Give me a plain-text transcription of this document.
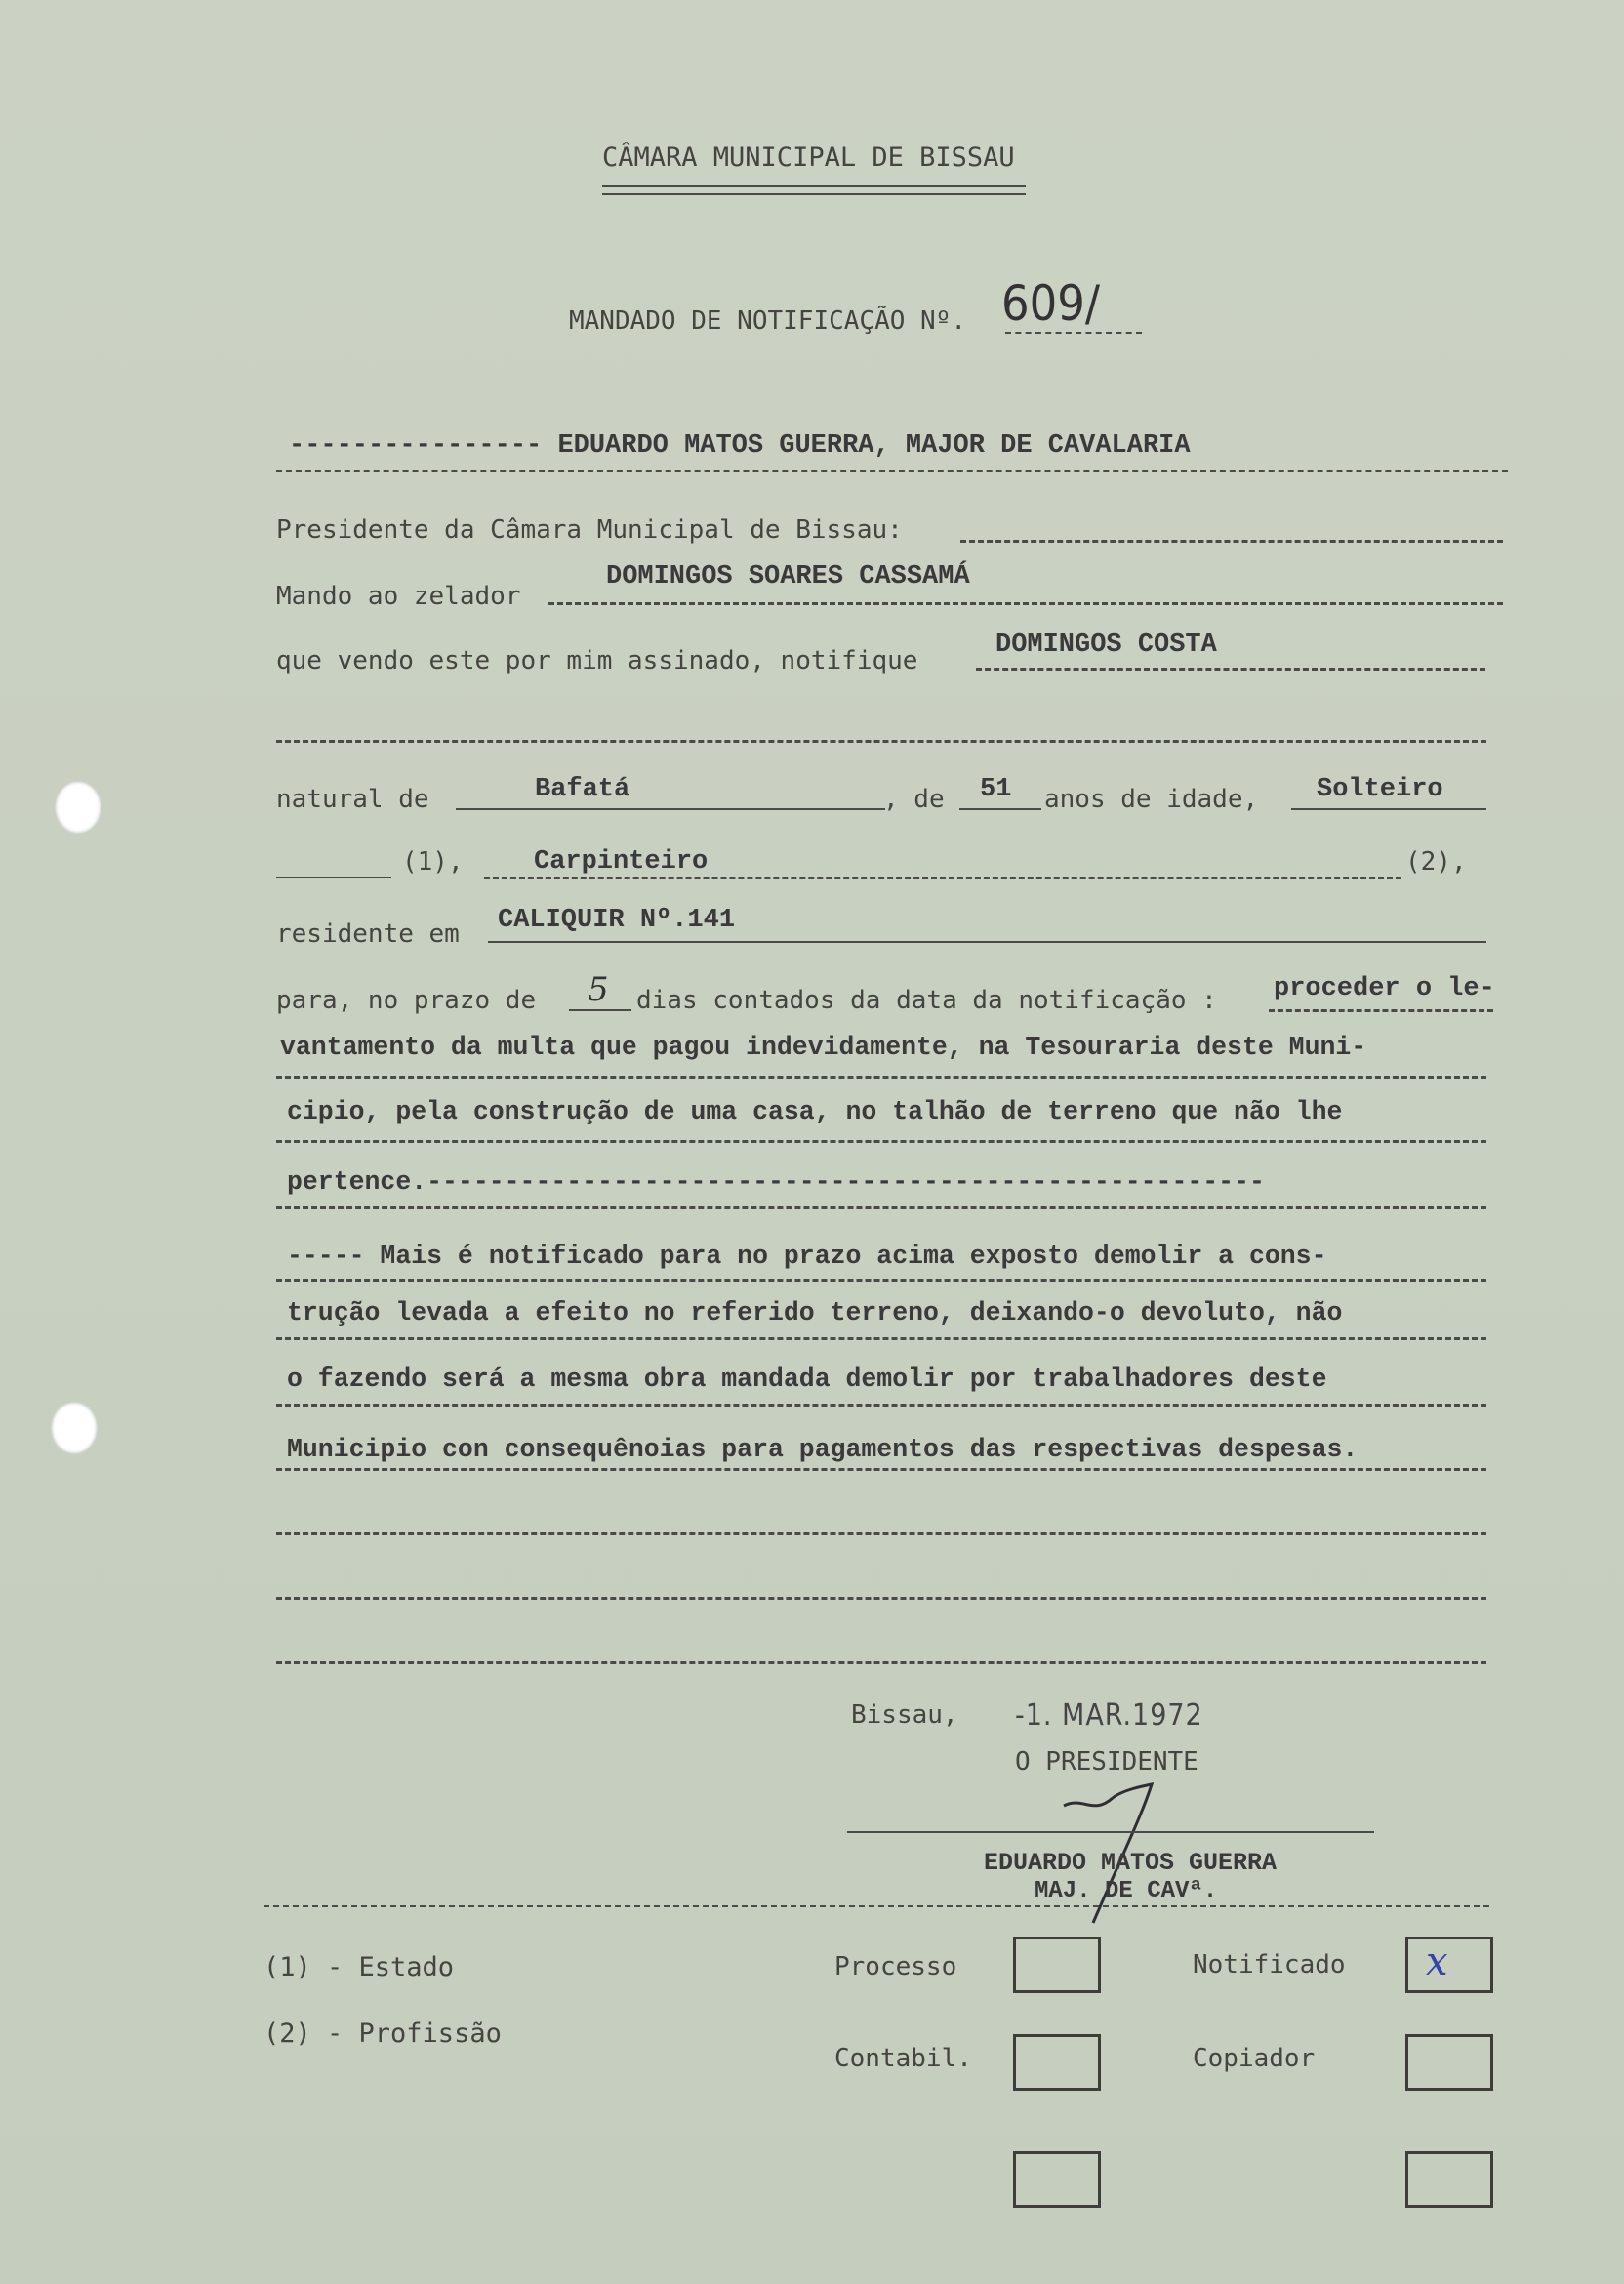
CÂMARA MUNICIPAL DE BISSAU
MANDADO DE NOTIFICAÇÃO Nº. 609/
---------------- EDUARDO MATOS GUERRA, MAJOR DE CAVALARIA
Presidente da Câmara Municipal de Bissau:
Mando ao zelador
DOMINGOS SOARES CASSAMÁ
que vendo este por mim assinado, notifique
DOMINGOS COSTA
natural de	Bafatá	, de 51 anos de idade, Solteiro
(1),	Carpinteiro	(2),
residente em CALIQUIR Nº.141
para, no prazo de 5 dias contados da data da notificação : proceder o le-
vantamento da multa que pagou indevidamente, na Tesouraria deste Muni-
cipio, pela construção de uma casa, no talhão de terreno que não lhe
pertence.------------------------------------------------------
----- Mais é notificado para no prazo acima exposto demolir a cons-
trução levada a efeito no referido terreno, deixando-o devoluto, não
o fazendo será a mesma obra mandada demolir por trabalhadores deste
Municipio con consequênoias para pagamentos das respectivas despesas.
Bissau, -1. MAR.1972
O PRESIDENTE
EDUARDO MATOS GUERRA
MAJ. DE CAVª.
(1) - Estado
(2) - Profissão
Processo	Notificado x
Contabil.	Copiador
